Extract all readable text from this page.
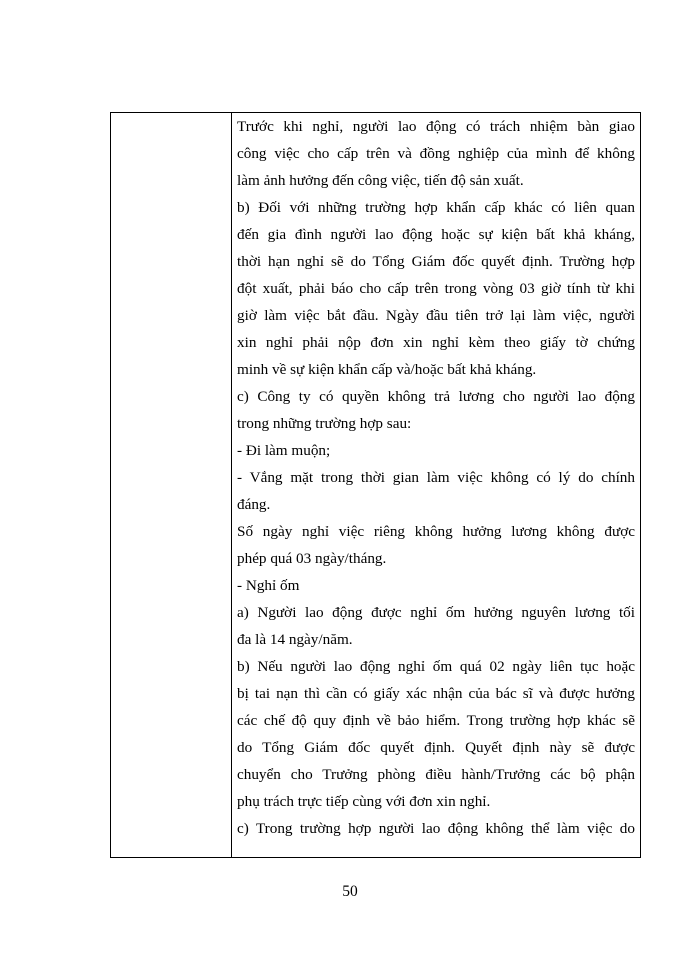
Trước khi nghỉ, người lao động có trách nhiệm bàn giao
công việc cho cấp trên và đồng nghiệp của mình để không
làm ảnh hưởng đến công việc, tiến độ sản xuất.

b) Đối với những trường hợp khẩn cấp khác có liên quan
đến gia đình người lao động hoặc sự kiện bất khả kháng,
thời hạn nghỉ sẽ do Tổng Giám đốc quyết định. Trường hợp
đột xuất, phải báo cho cấp trên trong vòng 03 giờ tính từ khi
giờ làm việc bắt đầu. Ngày đầu tiên trở lại làm việc, người
xin nghỉ phải nộp đơn xin nghỉ kèm theo giấy tờ chứng
minh về sự kiện khẩn cấp và/hoặc bất khả kháng.

c) Công ty có quyền không trả lương cho người lao động
trong những trường hợp sau:

- Đi làm muộn;

- Vắng mặt trong thời gian làm việc không có lý do chính
đáng.

Số ngày nghỉ việc riêng không hưởng lương không được
phép quá 03 ngày/tháng.

- Nghỉ ốm

a) Người lao động được nghỉ ốm hưởng nguyên lương tối
đa là 14 ngày/năm.

b) Nếu người lao động nghỉ ốm quá 02 ngày liên tục hoặc
bị tai nạn thì cần có giấy xác nhận của bác sĩ và được hưởng
các chế độ quy định về bảo hiểm. Trong trường hợp khác sẽ
do Tổng Giám đốc quyết định. Quyết định này sẽ được
chuyển cho Trưởng phòng điều hành/Trưởng các bộ phận
phụ trách trực tiếp cùng với đơn xin nghỉ.

c) Trong trường hợp người lao động không thể làm việc do

50
